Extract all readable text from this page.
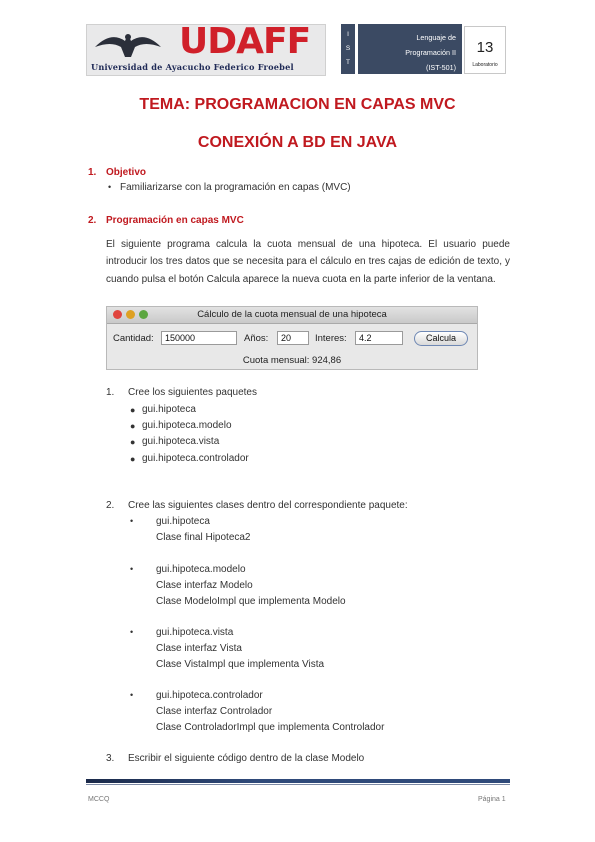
UDAFF
Universidad de Ayacucho Federico Froebel
I
S
T
Lenguaje de
Programación II
(IST-501)
13
Laboratorio
TEMA: PROGRAMACION EN CAPAS MVC
CONEXIÓN A BD EN JAVA
1. Objetivo
• Familiarizarse con la programación en capas (MVC)
2. Programación en capas MVC
El siguiente programa calcula la cuota mensual de una hipoteca. El usuario puede introducir los tres datos que se necesita para el cálculo en tres cajas de edición de texto, y cuando pulsa el botón Calcula aparece la nueva cuota en la parte inferior de la ventana.
Cálculo de la cuota mensual de una hipoteca
Cantidad:	150000	Años:	20	Interes:	4.2	Calcula
Cuota mensual: 924,86
1. Cree los siguientes paquetes
● gui.hipoteca
● gui.hipoteca.modelo
● gui.hipoteca.vista
● gui.hipoteca.controlador
2. Cree las siguientes clases dentro del correspondiente paquete:
• gui.hipoteca
Clase final Hipoteca2
• gui.hipoteca.modelo
Clase interfaz Modelo
Clase ModeloImpl que implementa Modelo
• gui.hipoteca.vista
Clase interfaz Vista
Clase VistaImpl que implementa Vista
• gui.hipoteca.controlador
Clase interfaz Controlador
Clase ControladorImpl que implementa Controlador
3. Escribir el siguiente código dentro de la clase Modelo
MCCQ	Página 1
